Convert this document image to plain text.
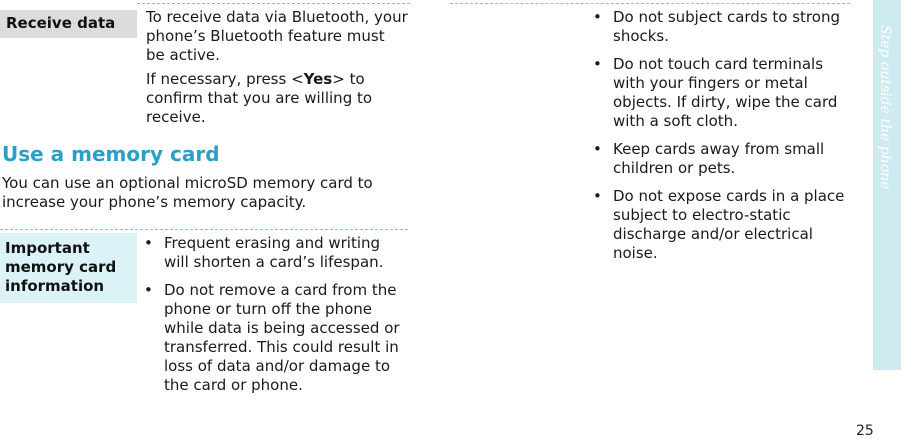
Receive data To receive data via Bluetooth, your phone’s Bluetooth feature must be active.
If necessary, press <Yes> to confirm that you are willing to receive.
Use a memory card
You can use an optional microSD memory card to increase your phone’s memory capacity.
Important memory card information
• Frequent erasing and writing will shorten a card’s lifespan.
• Do not remove a card from the phone or turn off the phone while data is being accessed or transferred. This could result in loss of data and/or damage to the card or phone.
• Do not subject cards to strong shocks.
• Do not touch card terminals with your fingers or metal objects. If dirty, wipe the card with a soft cloth.
• Keep cards away from small children or pets.
• Do not expose cards in a place subject to electro-static discharge and/or electrical noise.
Step outside the phone
25
